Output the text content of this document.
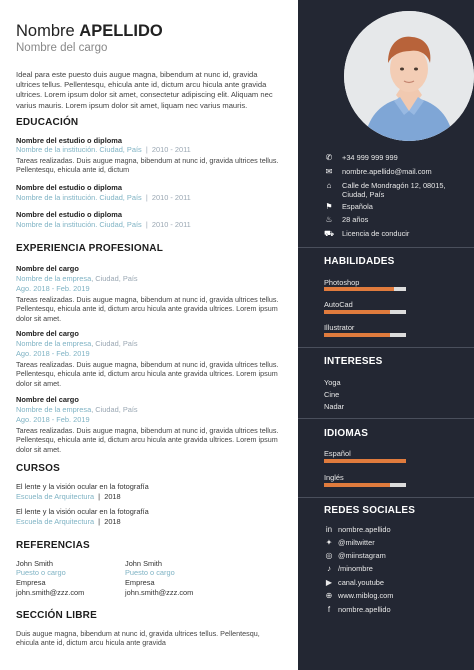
Nombre APELLIDO
Nombre del cargo
Ideal para este puesto duis augue magna, bibendum at nunc id, gravida ultrices tellus. Pellentesqu, ehicula ante id, dictum arcu hicula ante gravida ultrices. Lorem ipsum dolor sit amet, consectetur adipiscing elit. Aliquam nec varius mauris. Lorem ipsum dolor sit amet, liquam nec varius mauris.
EDUCACIÓN
Nombre del estudio o diploma
Nombre de la institución. Ciudad, País  |  2010 - 2011
Tareas realizadas. Duis augue magna, bibendum at nunc id, gravida ultrices tellus. Pellentesqu, ehicula ante id, dictum
Nombre del estudio o diploma
Nombre de la institución. Ciudad, País  |  2010 - 2011
Nombre del estudio o diploma
Nombre de la institución. Ciudad, País  |  2010 - 2011
EXPERIENCIA PROFESIONAL
Nombre del cargo
Nombre de la empresa, Ciudad, País
Ago. 2018 - Feb. 2019
Tareas realizadas. Duis augue magna, bibendum at nunc id, gravida ultrices tellus. Pellentesqu, ehicula ante id, dictum arcu hicula ante gravida ultrices. Lorem ipsum dolor sit amet.
Nombre del cargo
Nombre de la empresa, Ciudad, País
Ago. 2018 - Feb. 2019
Tareas realizadas. Duis augue magna, bibendum at nunc id, gravida ultrices tellus. Pellentesqu, ehicula ante id, dictum arcu hicula ante gravida ultrices. Lorem ipsum dolor sit amet.
Nombre del cargo
Nombre de la empresa, Ciudad, País
Ago. 2018 - Feb. 2019
Tareas realizadas. Duis augue magna, bibendum at nunc id, gravida ultrices tellus. Pellentesqu, ehicula ante id, dictum arcu hicula ante gravida ultrices. Lorem ipsum dolor sit amet.
CURSOS
El lente y la visión ocular en la fotografía
Escuela de Arquitectura  |  2018
El lente y la visión ocular en la fotografía
Escuela de Arquitectura  |  2018
REFERENCIAS
John Smith
Puesto o cargo
Empresa
john.smith@zzz.com
John Smith
Puesto o cargo
Empresa
john.smith@zzz.com
SECCIÓN LIBRE
Duis augue magna, bibendum at nunc id, gravida ultrices tellus. Pellentesqu, ehicula ante id, dictum arcu hicula ante gravida
✆ +34 999 999 999
✉ nombre.apellido@mail.com
⌂	Calle de Mondragón 12, 08015,
Ciudad, País
⚑ Española
♨ 28 años
⛟ Licencia de conducir
HABILIDADES
Photoshop
AutoCad
Illustrator
INTERESES
Yoga
Cine
Nadar
IDIOMAS
Español
Inglés
REDES SOCIALES
in nombre.apellido
✦ @miltwitter
◎ @miinstagram
♪ /minombre
▶ canal.youtube
⊕ www.miblog.com
f nombre.apellido
